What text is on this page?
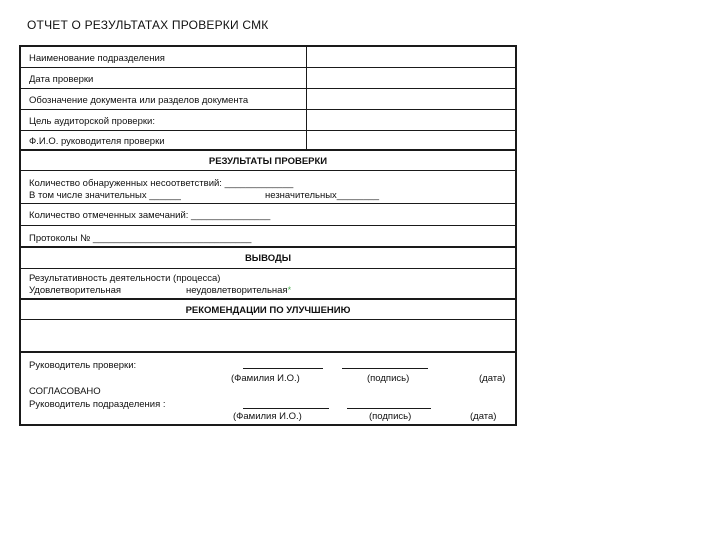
ОТЧЕТ О РЕЗУЛЬТАТАХ ПРОВЕРКИ СМК
Наименование подразделения
Дата проверки
Обозначение документа или разделов документа
Цель аудиторской проверки:
Ф.И.О. руководителя проверки
РЕЗУЛЬТАТЫ ПРОВЕРКИ
Количество обнаруженных несоответствий: _____________
В том числе значительных ______	незначительных________
Количество отмеченных замечаний: _______________
Протоколы № ______________________________
ВЫВОДЫ
Результативность деятельности (процесса)
Удовлетворительная	неудовлетворительная*
РЕКОМЕНДАЦИИ ПО УЛУЧШЕНИЮ
Руководитель проверки:
(Фамилия И.О.)	(подпись)	(дата)
СОГЛАСОВАНО
Руководитель подразделения :
(Фамилия И.О.)	(подпись)	(дата)
